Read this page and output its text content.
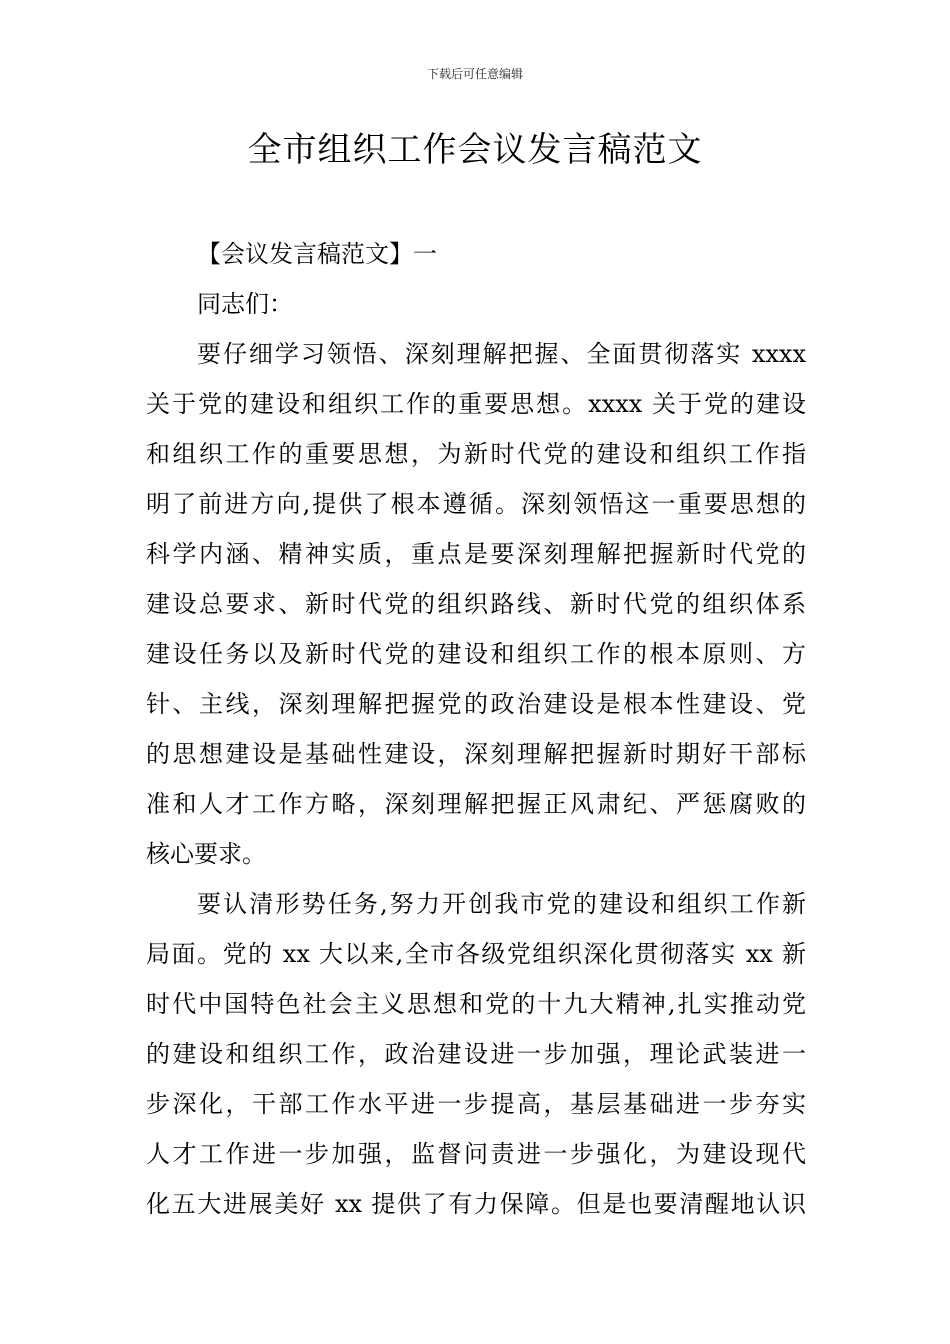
下载后可任意编辑
全市组织工作会议发言稿范文
【会议发言稿范文】一
同志们：
要仔细学习领悟、深刻理解把握、全面贯彻落实 xxxx
关于党的建设和组织工作的重要思想。xxxx 关于党的建设
和组织工作的重要思想，为新时代党的建设和组织工作指
明了前进方向,提供了根本遵循。深刻领悟这一重要思想的
科学内涵、精神实质，重点是要深刻理解把握新时代党的
建设总要求、新时代党的组织路线、新时代党的组织体系
建设任务以及新时代党的建设和组织工作的根本原则、方
针、主线，深刻理解把握党的政治建设是根本性建设、党
的思想建设是基础性建设，深刻理解把握新时期好干部标
准和人才工作方略，深刻理解把握正风肃纪、严惩腐败的
核心要求。
要认清形势任务,努力开创我市党的建设和组织工作新
局面。党的 xx 大以来,全市各级党组织深化贯彻落实 xx 新
时代中国特色社会主义思想和党的十九大精神,扎实推动党
的建设和组织工作，政治建设进一步加强，理论武装进一
步深化，干部工作水平进一步提高，基层基础进一步夯实
人才工作进一步加强，监督问责进一步强化，为建设现代
化五大进展美好 xx 提供了有力保障。但是也要清醒地认识
